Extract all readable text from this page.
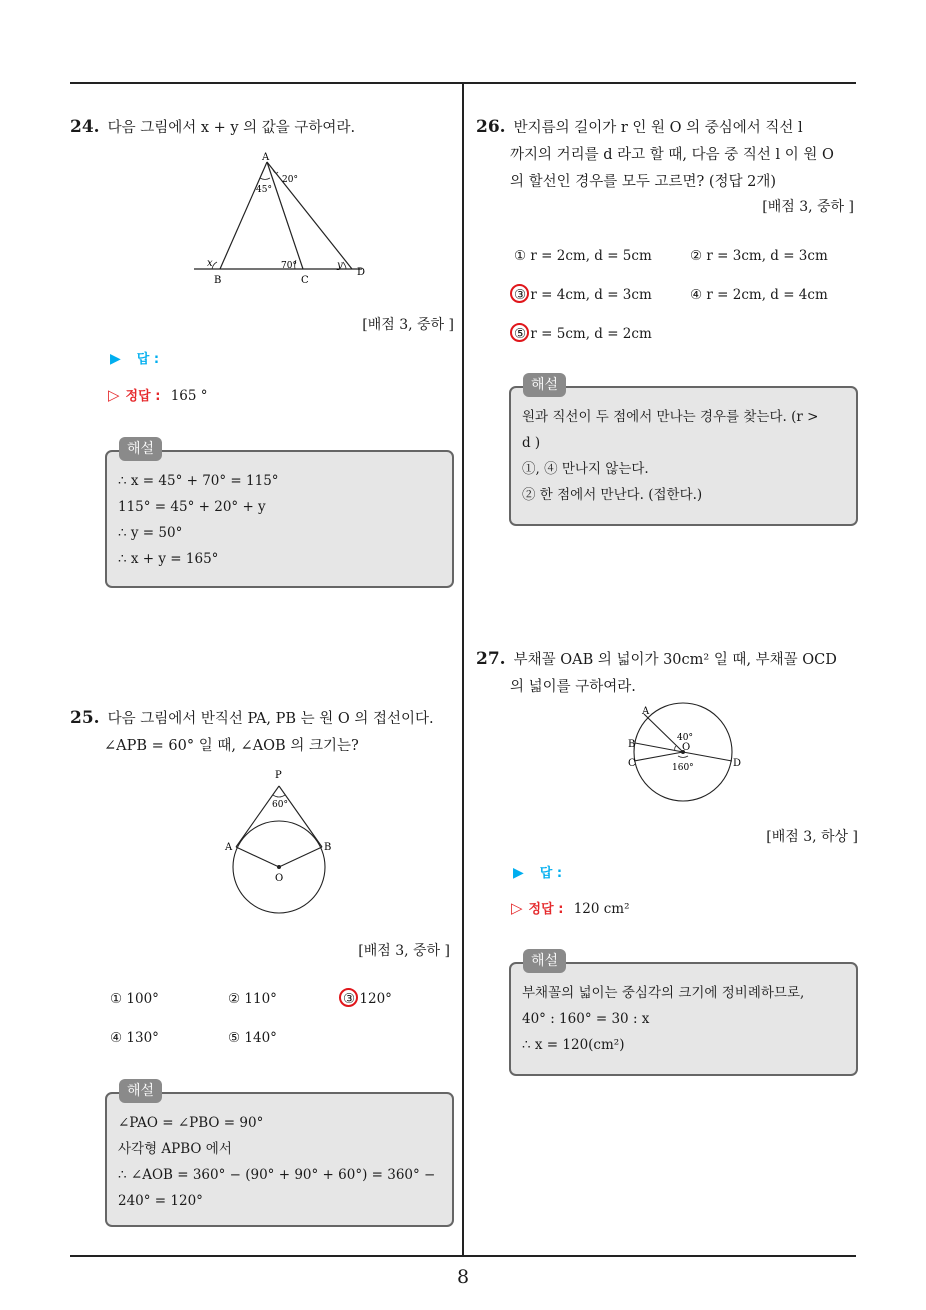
24. 다음 그림에서 x + y 의 값을 구하여라.
A
20°
45°
70°
x	y
B	C
D
[배점 3, 중하 ]
▶ 답 :
▷ 정답 : 165 °
해설
∴ x = 45° + 70° = 115°
115° = 45° + 20° + y
∴ y = 50°
∴ x + y = 165°
25. 다음 그림에서 반직선 PA, PB 는 원 O 의 접선이다.
∠APB = 60° 일 때, ∠AOB 의 크기는?
P
60°
A	B
O
[배점 3, 중하 ]
① 100°	② 110°	③ 120°
④ 130°	⑤ 140°
해설
∠PAO = ∠PBO = 90°
사각형 APBO 에서
∴ ∠AOB = 360° − (90° + 90° + 60°) = 360° −
240° = 120°
26. 반지름의 길이가 r 인 원 O 의 중심에서 직선 l
까지의 거리를 d 라고 할 때, 다음 중 직선 l 이 원 O
의 할선인 경우를 모두 고르면? (정답 2개)
[배점 3, 중하 ]
① r = 2cm, d = 5cm	② r = 3cm, d = 3cm
③ r = 4cm, d = 3cm	④ r = 2cm, d = 4cm
⑤ r = 5cm, d = 2cm
해설
원과 직선이 두 점에서 만나는 경우를 찾는다. (r >
d )
①, ④ 만나지 않는다.
② 한 점에서 만난다. (접한다.)
27. 부채꼴 OAB 의 넓이가 30cm² 일 때, 부채꼴 OCD
의 넓이를 구하여라.
A
B
C	D
O
40°
160°
[배점 3, 하상 ]
▶ 답 :
▷ 정답 : 120 cm²
해설
부채꼴의 넓이는 중심각의 크기에 정비례하므로,
40° : 160° = 30 : x
∴ x = 120(cm²)
8
